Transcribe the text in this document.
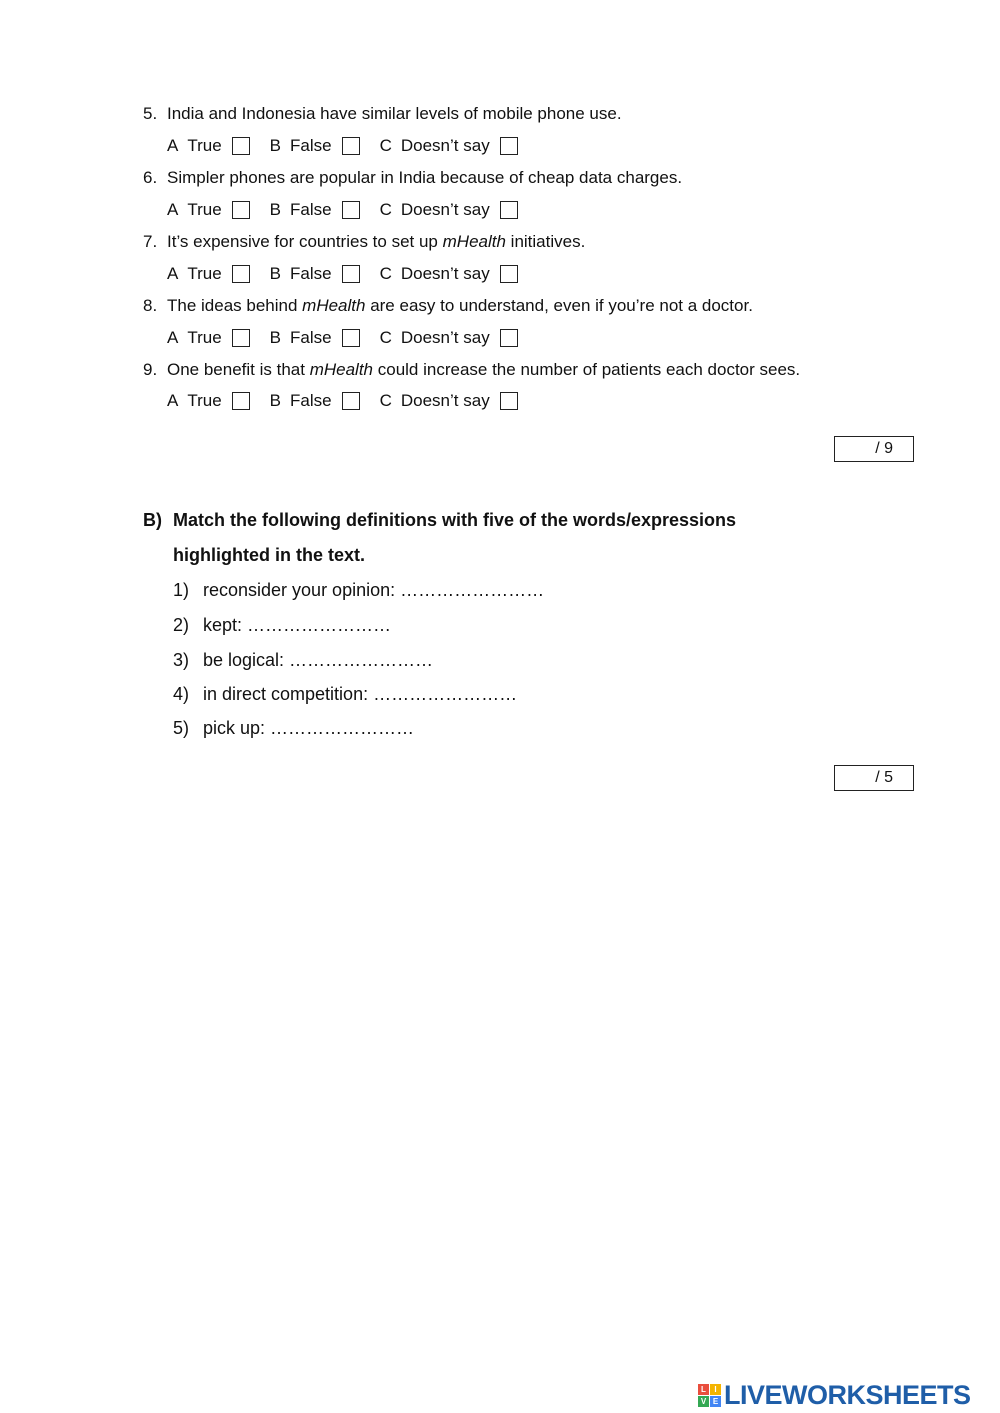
5. India and Indonesia have similar levels of mobile phone use.
A True	B False	C Doesn’t say
6. Simpler phones are popular in India because of cheap data charges.
A True	B False	C Doesn’t say
7. It’s expensive for countries to set up mHealth initiatives.
A True	B False	C Doesn’t say
8. The ideas behind mHealth are easy to understand, even if you’re not a doctor.
A True	B False	C Doesn’t say
9. One benefit is that mHealth could increase the number of patients each doctor sees.
A True	B False	C Doesn’t say
/ 9
B) Match the following definitions with five of the words/expressions
highlighted in the text.
1) reconsider your opinion: ……………………
2) kept: ……………………
3) be logical: ……………………
4) in direct competition: ……………………
5) pick up: ……………………
/ 5
L	I
V E LIVEWORKSHEETS
